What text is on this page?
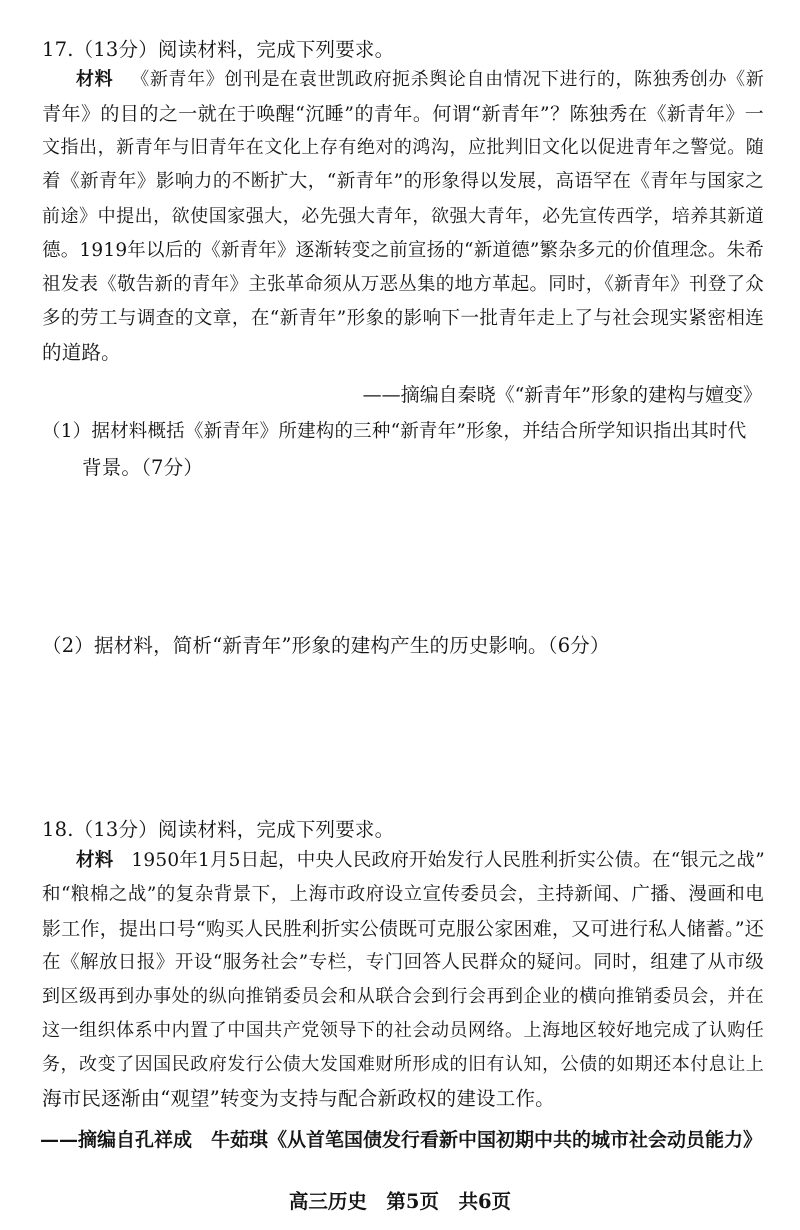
17.（13分）阅读材料，完成下列要求。
材料 《新青年》创刊是在袁世凯政府扼杀舆论自由情况下进行的，陈独秀创办《新
青年》的目的之一就在于唤醒“沉睡”的青年。何谓“新青年”？陈独秀在《新青年》一
文指出，新青年与旧青年在文化上存有绝对的鸿沟，应批判旧文化以促进青年之警觉。随
着《新青年》影响力的不断扩大，“新青年”的形象得以发展，高语罕在《青年与国家之
前途》中提出，欲使国家强大，必先强大青年，欲强大青年，必先宣传西学，培养其新道
德。1919年以后的《新青年》逐渐转变之前宣扬的“新道德”繁杂多元的价值理念。朱希
祖发表《敬告新的青年》主张革命须从万恶丛集的地方革起。同时，《新青年》刊登了众
多的劳工与调查的文章，在“新青年”形象的影响下一批青年走上了与社会现实紧密相连
的道路。
——摘编自秦晓《“新青年”形象的建构与嬗变》
（1）据材料概括《新青年》所建构的三种“新青年”形象，并结合所学知识指出其时代
背景。（7分）
（2）据材料，简析“新青年”形象的建构产生的历史影响。（6分）
18.（13分）阅读材料，完成下列要求。
材料 1950年1月5日起，中央人民政府开始发行人民胜利折实公债。在“银元之战”
和“粮棉之战”的复杂背景下，上海市政府设立宣传委员会，主持新闻、广播、漫画和电
影工作，提出口号“购买人民胜利折实公债既可克服公家困难，又可进行私人储蓄。”还
在《解放日报》开设“服务社会”专栏，专门回答人民群众的疑问。同时，组建了从市级
到区级再到办事处的纵向推销委员会和从联合会到行会再到企业的横向推销委员会，并在
这一组织体系中内置了中国共产党领导下的社会动员网络。上海地区较好地完成了认购任
务，改变了因国民政府发行公债大发国难财所形成的旧有认知，公债的如期还本付息让上
海市民逐渐由“观望”转变为支持与配合新政权的建设工作。
——摘编自孔祥成　牛茹琪《从首笔国债发行看新中国初期中共的城市社会动员能力》
高三历史　第5页　共6页
